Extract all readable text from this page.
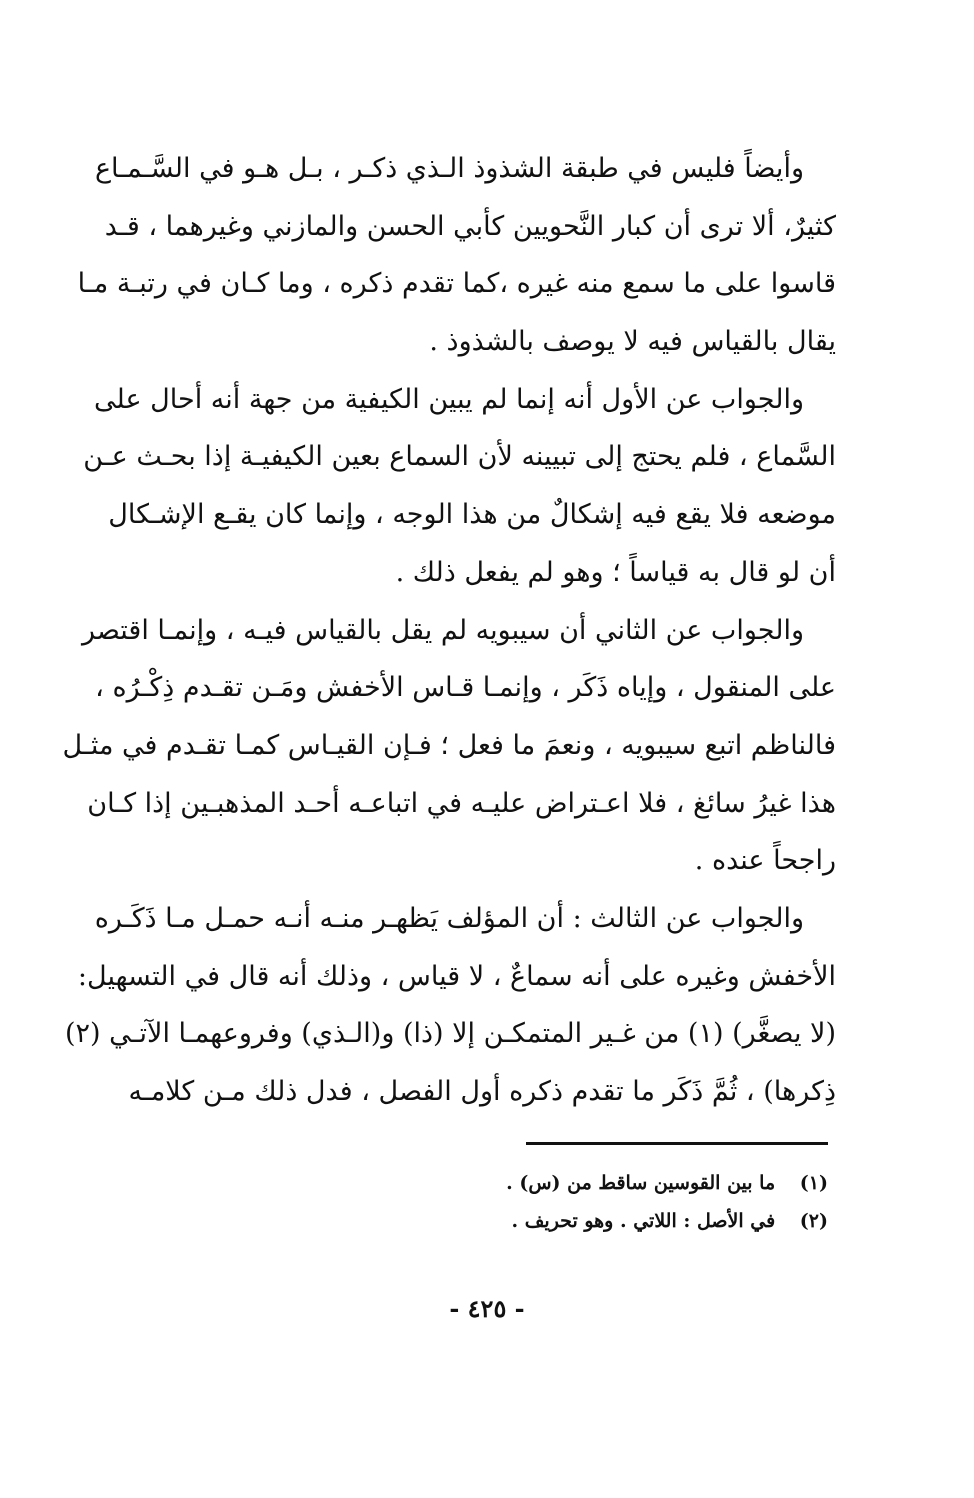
وأيضاً فليس في طبقة الشذوذ الـذي ذكـر ، بـل هـو في السَّـمـاع
كثيرٌ، ألا ترى أن كبار النَّحويين كأبي الحسن والمازني وغيرهما ، قـد
قاسوا على ما سمع منه غيره ،كما تقدم ذكره ، وما كـان في رتبـة مـا
يقال بالقياس فيه لا يوصف بالشذوذ .
والجواب عن الأول أنه إنما لم يبين الكيفية من جهة أنه أحال على
السَّماع ، فلم يحتج إلى تبيينه لأن السماع بعين الكيفيـة إذا بحـث عـن
موضعه فلا يقع فيه إشكالٌ من هذا الوجه ، وإنما كان يقـع الإشـكال
أن لو قال به قياساً ؛ وهو لم يفعل ذلك .
والجواب عن الثاني أن سيبويه لم يقل بالقياس فيـه ، وإنمـا اقتصر
على المنقول ، وإياه ذَكَر ، وإنمـا قـاس الأخفش ومَـن تقـدم ذِكْـرُه ،
فالناظم اتبع سيبويه ، ونعمَ ما فعل ؛ فـإن القيـاس كمـا تقـدم في مثـل
هذا غيرُ سائغ ، فلا اعـتراض عليـه في اتباعـه أحـد المذهبـين إذا كـان
راجحاً عنده .
والجواب عن الثالث : أن المؤلف يَظهـر منـه أنـه حمـل مـا ذَكَـره
الأخفش وغيره على أنه سماعٌ ، لا قياس ، وذلك أنه قال في التسهيل:
(لا يصغَّر) (١) من غـير المتمكـن إلا (ذا) و(الـذي) وفروعهمـا الآتـي (٢)
ذِكرها) ، ثُمَّ ذَكَر ما تقدم ذكره أول الفصل ، فدل ذلك مـن كلامـه
(١) ما بين القوسين ساقط من (س) .
(٢) في الأصل : اللاتي . وهو تحريف .
- ٤٢٥ -
